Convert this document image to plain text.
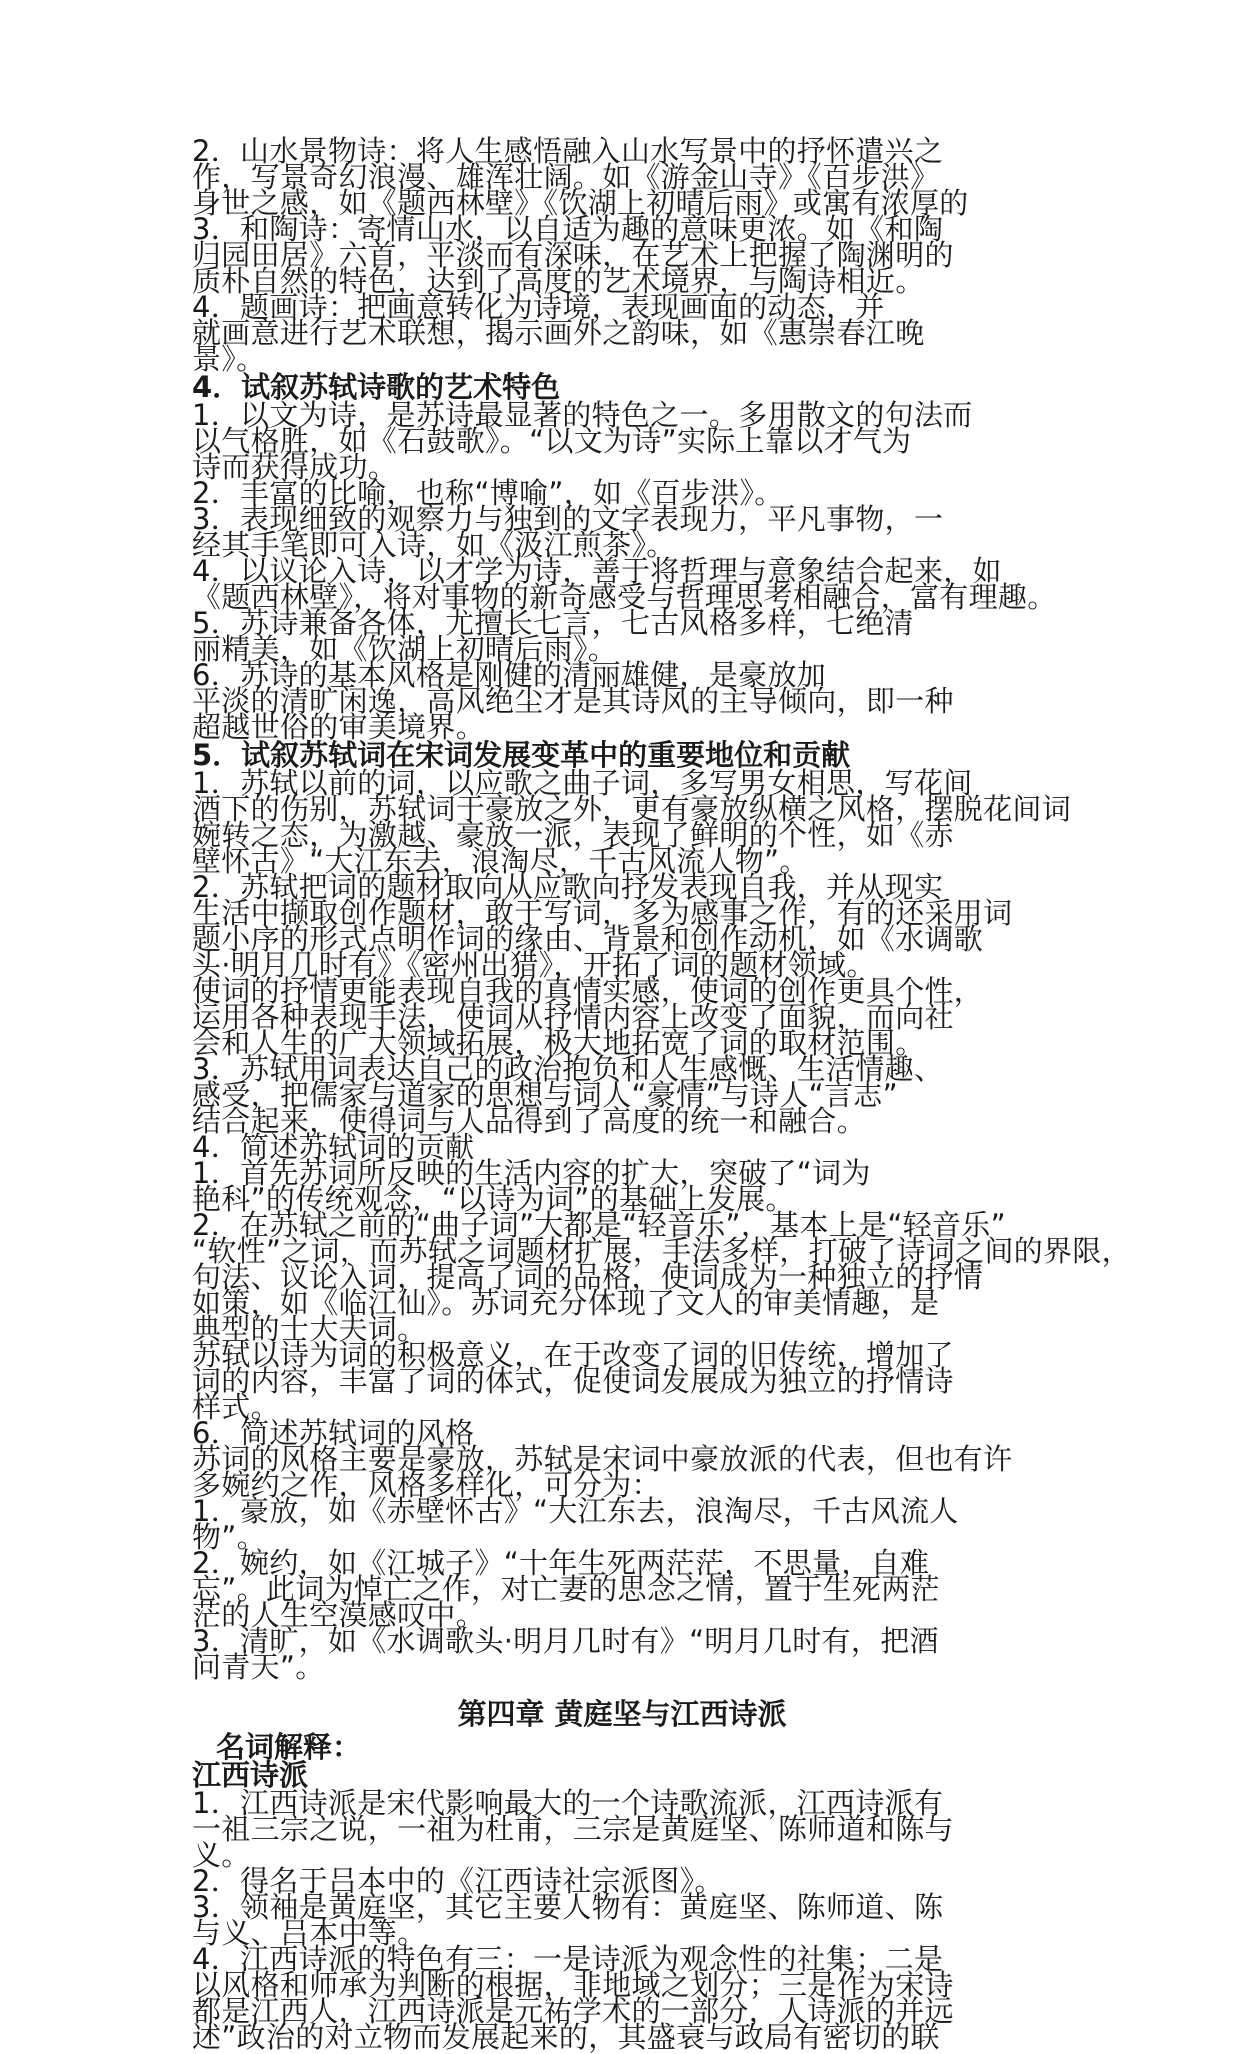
2．山水景物诗：将人生感悟融入山水写景中的抒怀遣兴之
作，写景奇幻浪漫、雄浑壮阔。如《游金山寺》《百步洪》
身世之感，如《题西林壁》《饮湖上初晴后雨》或寓有浓厚的
3．和陶诗：寄情山水，以自适为趣的意味更浓。如《和陶
归园田居》六首，平淡而有深味，在艺术上把握了陶渊明的
质朴自然的特色，达到了高度的艺术境界，与陶诗相近。
4．题画诗：把画意转化为诗境，表现画面的动态，并
就画意进行艺术联想，揭示画外之韵味，如《惠崇春江晚
景》。
4．试叙苏轼诗歌的艺术特色
1．以文为诗，是苏诗最显著的特色之一。多用散文的句法而
以气格胜，如《石鼓歌》。“以文为诗”实际上靠以才气为
诗而获得成功。
2．丰富的比喻，也称“博喻”，如《百步洪》。
3．表现细致的观察力与独到的文字表现力，平凡事物，一
经其手笔即可入诗，如《汲江煎茶》。
4．以议论入诗，以才学为诗，善于将哲理与意象结合起来，如
《题西林壁》，将对事物的新奇感受与哲理思考相融合，富有理趣。
5．苏诗兼备各体，尤擅长七言，七古风格多样，七绝清
丽精美，如《饮湖上初晴后雨》。
6．苏诗的基本风格是刚健的清丽雄健，是豪放加
平淡的清旷闲逸，高风绝尘才是其诗风的主导倾向，即一种
超越世俗的审美境界。
5．试叙苏轼词在宋词发展变革中的重要地位和贡献
1．苏轼以前的词，以应歌之曲子词，多写男女相思，写花间
酒下的伤别，苏轼词于豪放之外，更有豪放纵横之风格，摆脱花间词
婉转之态，为激越、豪放一派，表现了鲜明的个性，如《赤
壁怀古》“大江东去，浪淘尽，千古风流人物”。
2．苏轼把词的题材取向从应歌向抒发表现自我，并从现实
生活中撷取创作题材，敢于写词，多为感事之作，有的还采用词
题小序的形式点明作词的缘由、背景和创作动机，如《水调歌
头·明月几时有》《密州出猎》，开拓了词的题材领域。
使词的抒情更能表现自我的真情实感，使词的创作更具个性，
运用各种表现手法，使词从抒情内容上改变了面貌，而向社
会和人生的广大领域拓展，极大地拓宽了词的取材范围。
3．苏轼用词表达自己的政治抱负和人生感慨、生活情趣、
感受，把儒家与道家的思想与词人“豪情”与诗人“言志”
结合起来，使得词与人品得到了高度的统一和融合。
4．简述苏轼词的贡献
1．首先苏词所反映的生活内容的扩大，突破了“词为
艳科”的传统观念，“以诗为词”的基础上发展。
2．在苏轼之前的“曲子词”大都是“轻音乐”，基本上是“轻音乐”
“软性”之词，而苏轼之词题材扩展，手法多样，打破了诗词之间的界限，
句法、议论入词，提高了词的品格，使词成为一种独立的抒情
如策，如《临江仙》。苏词充分体现了文人的审美情趣，是
典型的士大夫词。
苏轼以诗为词的积极意义，在于改变了词的旧传统，增加了
词的内容，丰富了词的体式，促使词发展成为独立的抒情诗
样式。
6．简述苏轼词的风格
苏词的风格主要是豪放，苏轼是宋词中豪放派的代表，但也有许
多婉约之作，风格多样化，可分为：
1．豪放，如《赤壁怀古》“大江东去，浪淘尽，千古风流人
物”。
2．婉约，如《江城子》“十年生死两茫茫，不思量，自难
忘”。此词为悼亡之作，对亡妻的思念之情，置于生死两茫
茫的人生空漠感叹中。
3．清旷，如《水调歌头·明月几时有》“明月几时有，把酒
问青天”。
第四章 黄庭坚与江西诗派
名词解释：
江西诗派
1．江西诗派是宋代影响最大的一个诗歌流派，江西诗派有
一祖三宗之说，一祖为杜甫，三宗是黄庭坚、陈师道和陈与
义。
2．得名于吕本中的《江西诗社宗派图》。
3．领袖是黄庭坚，其它主要人物有：黄庭坚、陈师道、陈
与义、吕本中等。
4．江西诗派的特色有三：一是诗派为观念性的社集；二是
以风格和师承为判断的根据，非地域之划分；三是作为宋诗
都是江西人，江西诗派是元祐学术的一部分，人诗派的并远
述”政治的对立物而发展起来的，其盛衰与政局有密切的联
